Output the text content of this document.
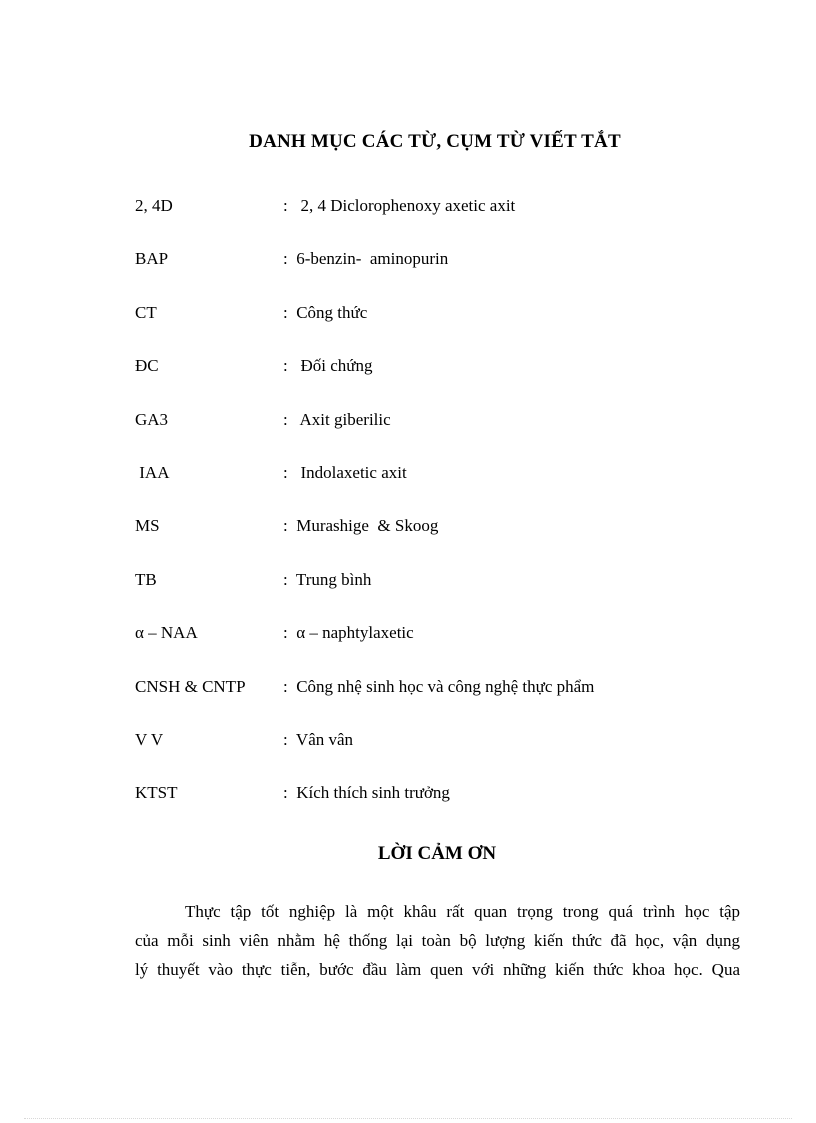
DANH MỤC CÁC TỪ, CỤM TỪ VIẾT TẮT
2, 4D	:   2, 4 Diclorophenoxy axetic axit
BAP	:  6-benzin-  aminopurin
CT	:  Công thức
ĐC	:   Đối chứng
GA3	:   Axit giberilic
IAA	:   Indolaxetic axit
MS	:  Murashige  & Skoog
TB	:  Trung bình
α – NAA	:  α – naphtylaxetic
CNSH & CNTP :  Công nhệ sinh học và công nghệ thực phẩm
V V	:  Vân vân
KTST	:  Kích thích sinh trưởng
LỜI CẢM ƠN
Thực tập tốt nghiệp là một khâu rất quan trọng trong quá trình học tập
của mỗi sinh viên nhằm hệ thống lại toàn bộ lượng kiến thức đã học, vận dụng
lý thuyết vào thực tiễn, bước đầu làm quen với những kiến thức khoa học. Qua
